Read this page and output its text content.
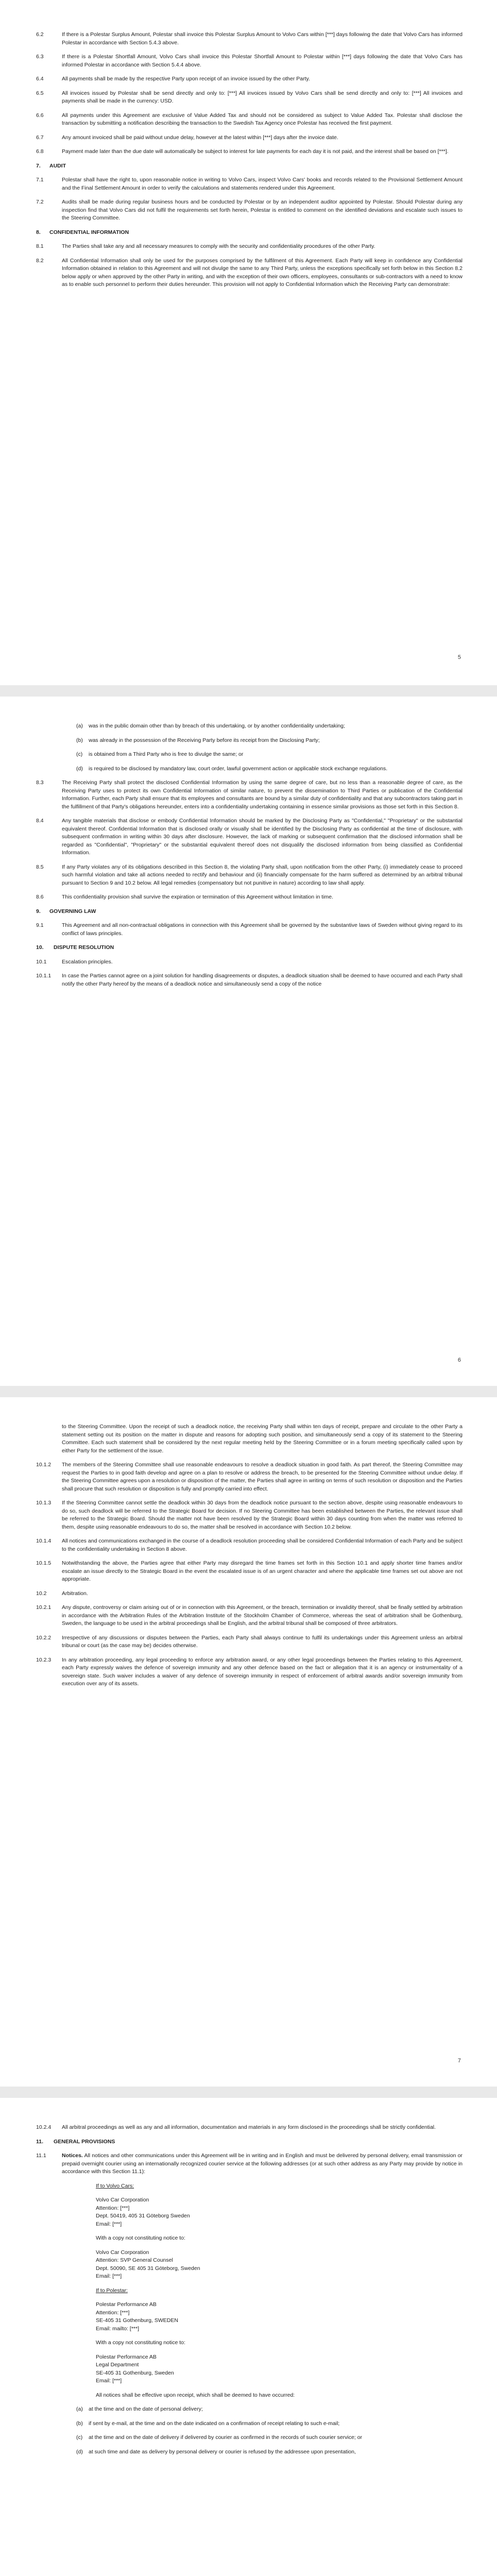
6.2	If there is a Polestar Surplus Amount, Polestar shall invoice this Polestar Surplus Amount to Volvo Cars within [***] days following the date that Volvo Cars has informed Polestar in accordance with Section 5.4.3 above.
6.3	If there is a Polestar Shortfall Amount, Volvo Cars shall invoice this Polestar Shortfall Amount to Polestar within [***] days following the date that Volvo Cars has informed Polestar in accordance with Section 5.4.4 above.
6.4	All payments shall be made by the respective Party upon receipt of an invoice issued by the other Party.
6.5	All invoices issued by Polestar shall be send directly and only to: [***] All invoices issued by Volvo Cars shall be send directly and only to: [***] All invoices and payments shall be made in the currency: USD.
6.6	All payments under this Agreement are exclusive of Value Added Tax and should not be considered as subject to Value Added Tax. Polestar shall disclose the transaction by submitting a notification describing the transaction to the Swedish Tax Agency once Polestar has received the first payment.
6.7	Any amount invoiced shall be paid without undue delay, however at the latest within [***] days after the invoice date.
6.8	Payment made later than the due date will automatically be subject to interest for late payments for each day it is not paid, and the interest shall be based on [***].
7.	AUDIT
7.1	Polestar shall have the right to, upon reasonable notice in writing to Volvo Cars, inspect Volvo Cars' books and records related to the Provisional Settlement Amount and the Final Settlement Amount in order to verify the calculations and statements rendered under this Agreement.
7.2	Audits shall be made during regular business hours and be conducted by Polestar or by an independent auditor appointed by Polestar. Should Polestar during any inspection find that Volvo Cars did not fulfil the requirements set forth herein, Polestar is entitled to comment on the identified deviations and escalate such issues to the Steering Committee.
8.	CONFIDENTIAL INFORMATION
8.1	The Parties shall take any and all necessary measures to comply with the security and confidentiality procedures of the other Party.
8.2	All Confidential Information shall only be used for the purposes comprised by the fulfilment of this Agreement. Each Party will keep in confidence any Confidential Information obtained in relation to this Agreement and will not divulge the same to any Third Party, unless the exceptions specifically set forth below in this Section 8.2 below apply or when approved by the other Party in writing, and with the exception of their own officers, employees, consultants or sub-contractors with a need to know as to enable such personnel to perform their duties hereunder. This provision will not apply to Confidential Information which the Receiving Party can demonstrate:
5
(a)	was in the public domain other than by breach of this undertaking, or by another confidentiality undertaking;
(b)	was already in the possession of the Receiving Party before its receipt from the Disclosing Party;
(c)	is obtained from a Third Party who is free to divulge the same; or
(d)	is required to be disclosed by mandatory law, court order, lawful government action or applicable stock exchange regulations.
8.3	The Receiving Party shall protect the disclosed Confidential Information by using the same degree of care, but no less than a reasonable degree of care, as the Receiving Party uses to protect its own Confidential Information of similar nature, to prevent the dissemination to Third Parties or publication of the Confidential Information. Further, each Party shall ensure that its employees and consultants are bound by a similar duty of confidentiality and that any subcontractors taking part in the fulfillment of that Party's obligations hereunder, enters into a confidentiality undertaking containing in essence similar provisions as those set forth in this Section 8.
8.4	Any tangible materials that disclose or embody Confidential Information should be marked by the Disclosing Party as "Confidential," "Proprietary" or the substantial equivalent thereof. Confidential Information that is disclosed orally or visually shall be identified by the Disclosing Party as confidential at the time of disclosure, with subsequent confirmation in writing within 30 days after disclosure. However, the lack of marking or subsequent confirmation that the disclosed information shall be regarded as "Confidential", "Proprietary" or the substantial equivalent thereof does not disqualify the disclosed information from being classified as Confidential Information.
8.5	If any Party violates any of its obligations described in this Section 8, the violating Party shall, upon notification from the other Party, (i) immediately cease to proceed such harmful violation and take all actions needed to rectify and behaviour and (ii) financially compensate for the harm suffered as determined by an arbitral tribunal pursuant to Section 9 and 10.2 below. All legal remedies (compensatory but not punitive in nature) according to law shall apply.
8.6	This confidentiality provision shall survive the expiration or termination of this Agreement without limitation in time.
9.	GOVERNING LAW
9.1	This Agreement and all non-contractual obligations in connection with this Agreement shall be governed by the substantive laws of Sweden without giving regard to its conflict of laws principles.
10.	DISPUTE RESOLUTION
10.1	Escalation principles.
10.1.1	In case the Parties cannot agree on a joint solution for handling disagreements or disputes, a deadlock situation shall be deemed to have occurred and each Party shall notify the other Party hereof by the means of a deadlock notice and simultaneously send a copy of the notice
6
to the Steering Committee. Upon the receipt of such a deadlock notice, the receiving Party shall within ten days of receipt, prepare and circulate to the other Party a statement setting out its position on the matter in dispute and reasons for adopting such position, and simultaneously send a copy of its statement to the Steering Committee. Each such statement shall be considered by the next regular meeting held by the Steering Committee or in a forum meeting specifically called upon by either Party for the settlement of the issue.
10.1.2	The members of the Steering Committee shall use reasonable endeavours to resolve a deadlock situation in good faith. As part thereof, the Steering Committee may request the Parties to in good faith develop and agree on a plan to resolve or address the breach, to be presented for the Steering Committee without undue delay. If the Steering Committee agrees upon a resolution or disposition of the matter, the Parties shall agree in writing on terms of such resolution or disposition and the Parties shall procure that such resolution or disposition is fully and promptly carried into effect.
10.1.3	If the Steering Committee cannot settle the deadlock within 30 days from the deadlock notice pursuant to the section above, despite using reasonable endeavours to do so, such deadlock will be referred to the Strategic Board for decision. If no Steering Committee has been established between the Parties, the relevant issue shall be referred to the Strategic Board. Should the matter not have been resolved by the Strategic Board within 30 days counting from when the matter was referred to them, despite using reasonable endeavours to do so, the matter shall be resolved in accordance with Section 10.2 below.
10.1.4	All notices and communications exchanged in the course of a deadlock resolution proceeding shall be considered Confidential Information of each Party and be subject to the confidentiality undertaking in Section 8 above.
10.1.5	Notwithstanding the above, the Parties agree that either Party may disregard the time frames set forth in this Section 10.1 and apply shorter time frames and/or escalate an issue directly to the Strategic Board in the event the escalated issue is of an urgent character and where the applicable time frames set out above are not appropriate.
10.2	Arbitration.
10.2.1	Any dispute, controversy or claim arising out of or in connection with this Agreement, or the breach, termination or invalidity thereof, shall be finally settled by arbitration in accordance with the Arbitration Rules of the Arbitration Institute of the Stockholm Chamber of Commerce, whereas the seat of arbitration shall be Gothenburg, Sweden, the language to be used in the arbitral proceedings shall be English, and the arbitral tribunal shall be composed of three arbitrators.
10.2.2	Irrespective of any discussions or disputes between the Parties, each Party shall always continue to fulfil its undertakings under this Agreement unless an arbitral tribunal or court (as the case may be) decides otherwise.
10.2.3	In any arbitration proceeding, any legal proceeding to enforce any arbitration award, or any other legal proceedings between the Parties relating to this Agreement, each Party expressly waives the defence of sovereign immunity and any other defence based on the fact or allegation that it is an agency or instrumentality of a sovereign state. Such waiver includes a waiver of any defence of sovereign immunity in respect of enforcement of arbitral awards and/or sovereign immunity from execution over any of its assets.
7
10.2.4	All arbitral proceedings as well as any and all information, documentation and materials in any form disclosed in the proceedings shall be strictly confidential.
11.	GENERAL PROVISIONS
11.1	Notices. All notices and other communications under this Agreement will be in writing and in English and must be delivered by personal delivery, email transmission or prepaid overnight courier using an internationally recognized courier service at the following addresses (or at such other address as any Party may provide by notice in accordance with this Section 11.1):
If to Volvo Cars:
Volvo Car Corporation
Attention: [***]
Dept. 50419, 405 31 Göteborg Sweden
Email: [***]
With a copy not constituting notice to:
Volvo Car Corporation
Attention: SVP General Counsel
Dept. 50090, SE 405 31 Göteborg, Sweden
Email: [***]
If to Polestar:
Polestar Performance AB
Attention: [***]
SE-405 31 Gothenburg, SWEDEN
Email: mailto: [***]
With a copy not constituting notice to:
Polestar Performance AB
Legal Department
SE-405 31 Gothenburg, Sweden
Email: [***]
All notices shall be effective upon receipt, which shall be deemed to have occurred:
(a)	at the time and on the date of personal delivery;
(b)	if sent by e-mail, at the time and on the date indicated on a confirmation of receipt relating to such e-mail;
(c)	at the time and on the date of delivery if delivered by courier as confirmed in the records of such courier service; or
(d)	at such time and date as delivery by personal delivery or courier is refused by the addressee upon presentation,
